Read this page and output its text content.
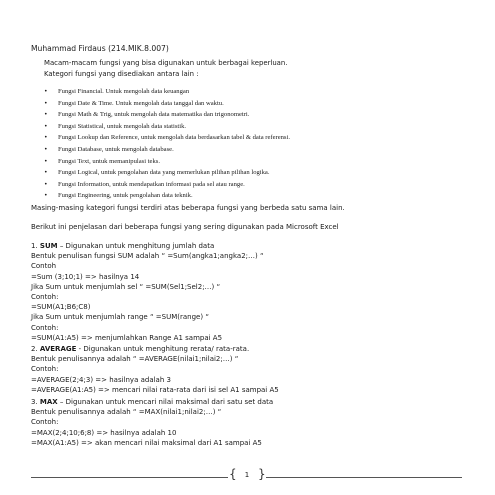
Muhammad Firdaus (214.MIK.8.007)
Macam-macam fungsi yang bisa digunakan untuk berbagai keperluan.
Kategori fungsi yang disediakan antara lain :
• Fungsi Financial. Untuk mengolah data keuangan
• Fungsi Date & Time. Untuk mengolah data tanggal dan waktu.
• Fungsi Math & Trig, untuk mengolah data matematika dan trigonometri.
• Fungsi Statistical, untuk mengolah data statistik.
• Fungsi Lookup dan Reference, untuk mengolah data berdasarkan tabel & data referensi.
• Fungsi Database, untuk mengolah database.
• Fungsi Text, untuk memanipulasi teks.
• Fungsi Logical, untuk pengolahan data yang memerlukan pilihan pilihan logika.
• Fungsi Information, untuk mendapatkan informasi pada sel atau range.
• Fungsi Engineering, untuk pengolahan data teknik.
Masing-masing kategori fungsi terdiri atas beberapa fungsi yang berbeda satu sama lain.
Berikut ini penjelasan dari beberapa fungsi yang sering digunakan pada Microsoft Excel
1. SUM – Digunakan untuk menghitung jumlah data
Bentuk penulisan fungsi SUM adalah “ =Sum(angka1;angka2;…) “
Contoh
=Sum (3;10;1) => hasilnya 14
Jika Sum untuk menjumlah sel “ =SUM(Sel1;Sel2;…) “
Contoh:
=SUM(A1;B6;C8)
Jika Sum untuk menjumlah range “ =SUM(range) “
Contoh:
=SUM(A1:A5) => menjumlahkan Range A1 sampai A5
2. AVERAGE - Digunakan untuk menghitung rerata/ rata-rata.
Bentuk penulisannya adalah “ =AVERAGE(nilai1;nilai2;…) “
Contoh:
=AVERAGE(2;4;3) => hasilnya adalah 3
=AVERAGE(A1:A5) => mencari nilai rata-rata dari isi sel A1 sampai A5
3. MAX – Digunakan untuk mencari nilai maksimal dari satu set data
Bentuk penulisannya adalah “ =MAX(nilai1;nilai2;…) “
Contoh:
=MAX(2;4;10;6;8) => hasilnya adalah 10
=MAX(A1:A5) => akan mencari nilai maksimal dari A1 sampai A5
{ }
1
